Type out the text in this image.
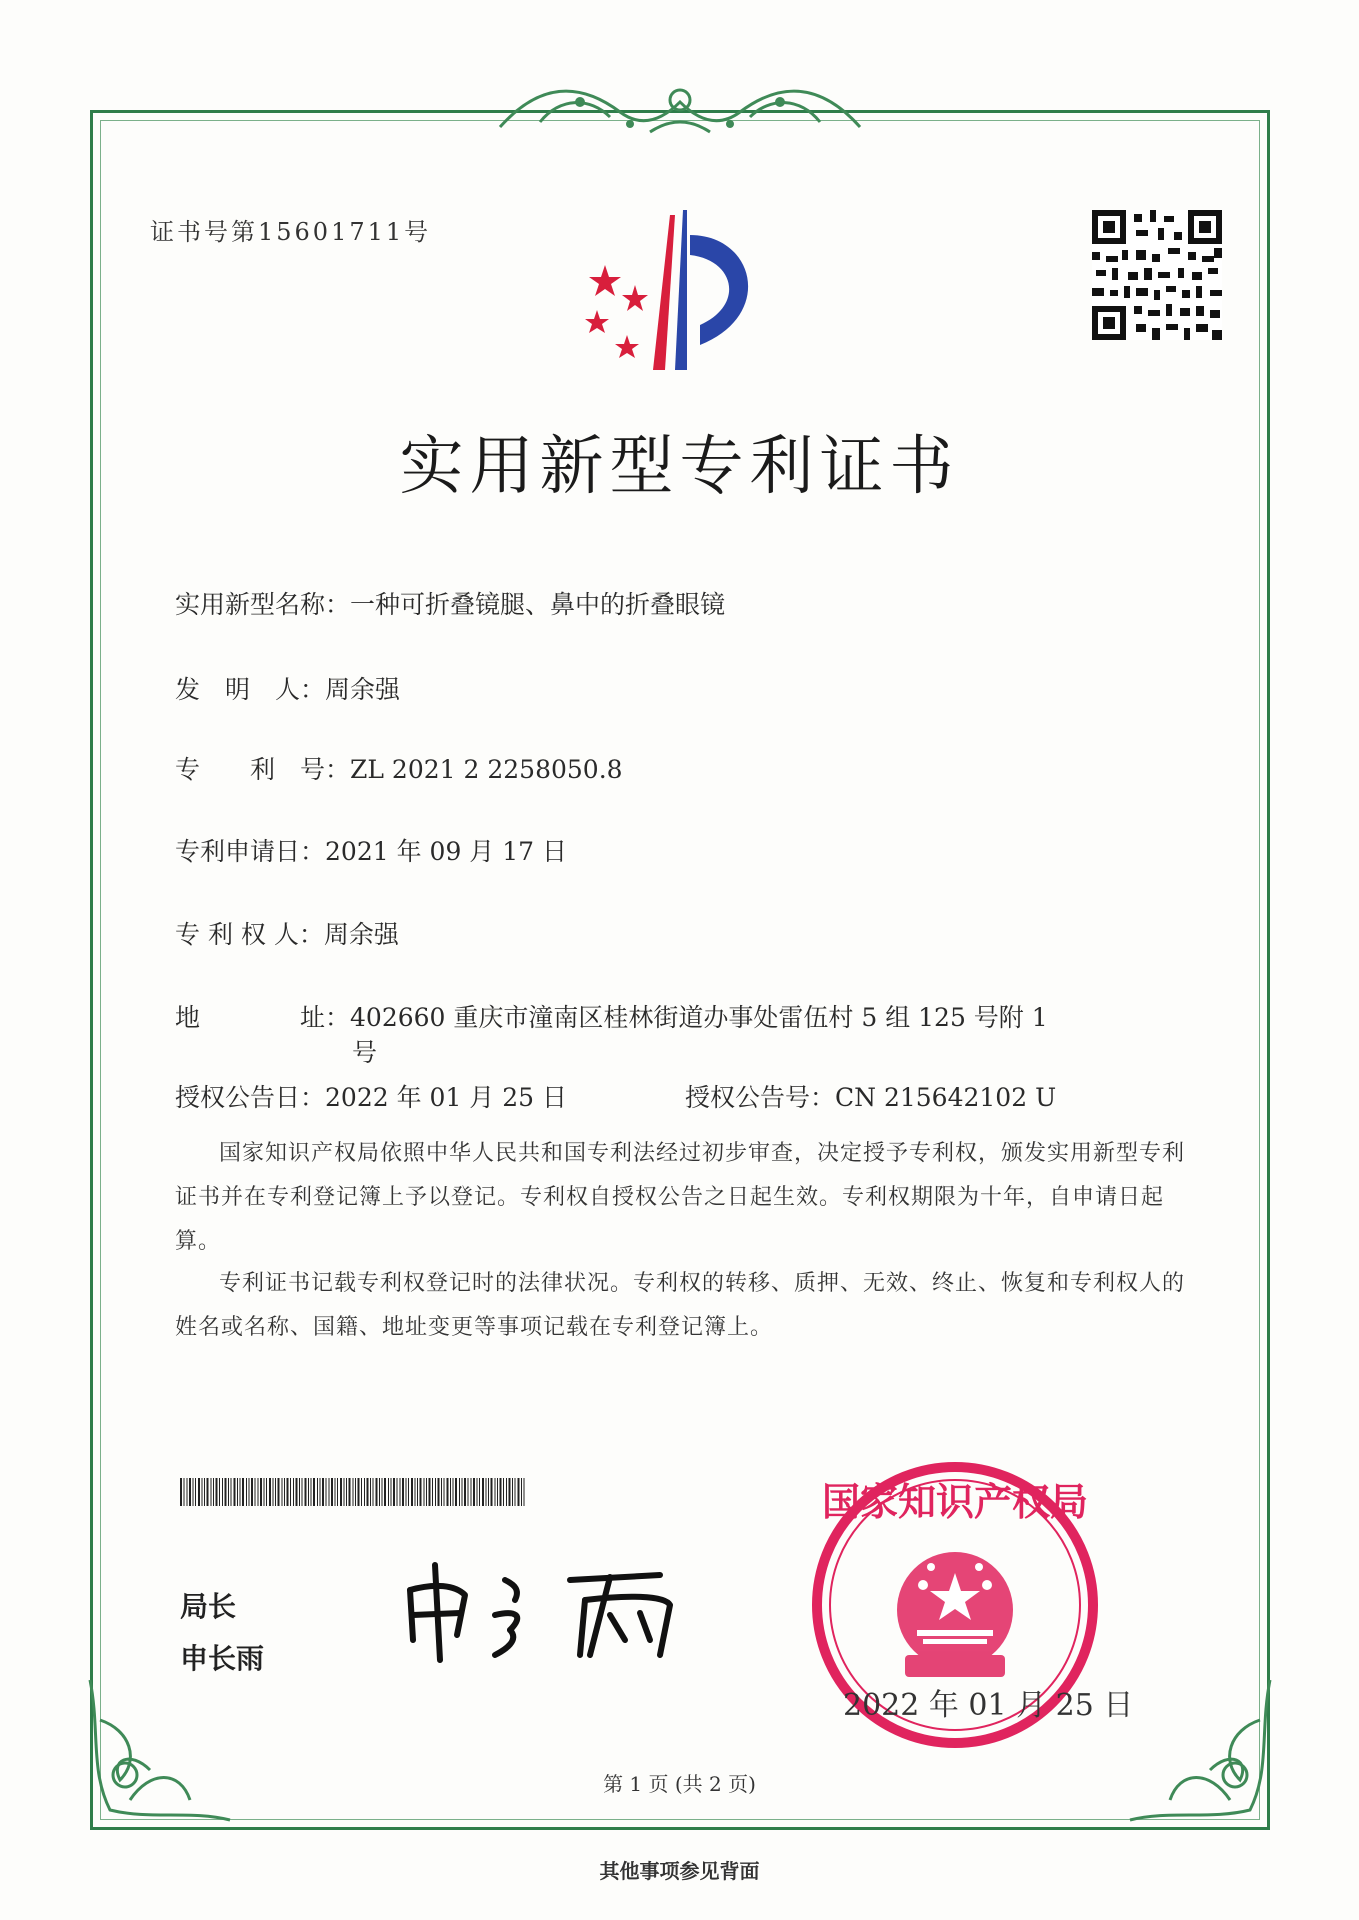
证书号第15601711号
实用新型专利证书
实用新型名称：一种可折叠镜腿、鼻中的折叠眼镜
发　明　人：周余强
专　　利　号：ZL 2021 2 2258050.8
专利申请日：2021 年 09 月 17 日
专 利 权 人：周余强
地　　　　址：402660 重庆市潼南区桂林街道办事处雷伍村 5 组 125 号附 1
号
授权公告日：2022 年 01 月 25 日	授权公告号：CN 215642102 U
国家知识产权局依照中华人民共和国专利法经过初步审查，决定授予专利权，颁发实用新型专利证书并在专利登记簿上予以登记。专利权自授权公告之日起生效。专利权期限为十年，自申请日起算。
专利证书记载专利权登记时的法律状况。专利权的转移、质押、无效、终止、恢复和专利权人的姓名或名称、国籍、地址变更等事项记载在专利登记簿上。
局长
申长雨
国家知识产权局
2022 年 01 月 25 日
第 1 页 (共 2 页)
其他事项参见背面
